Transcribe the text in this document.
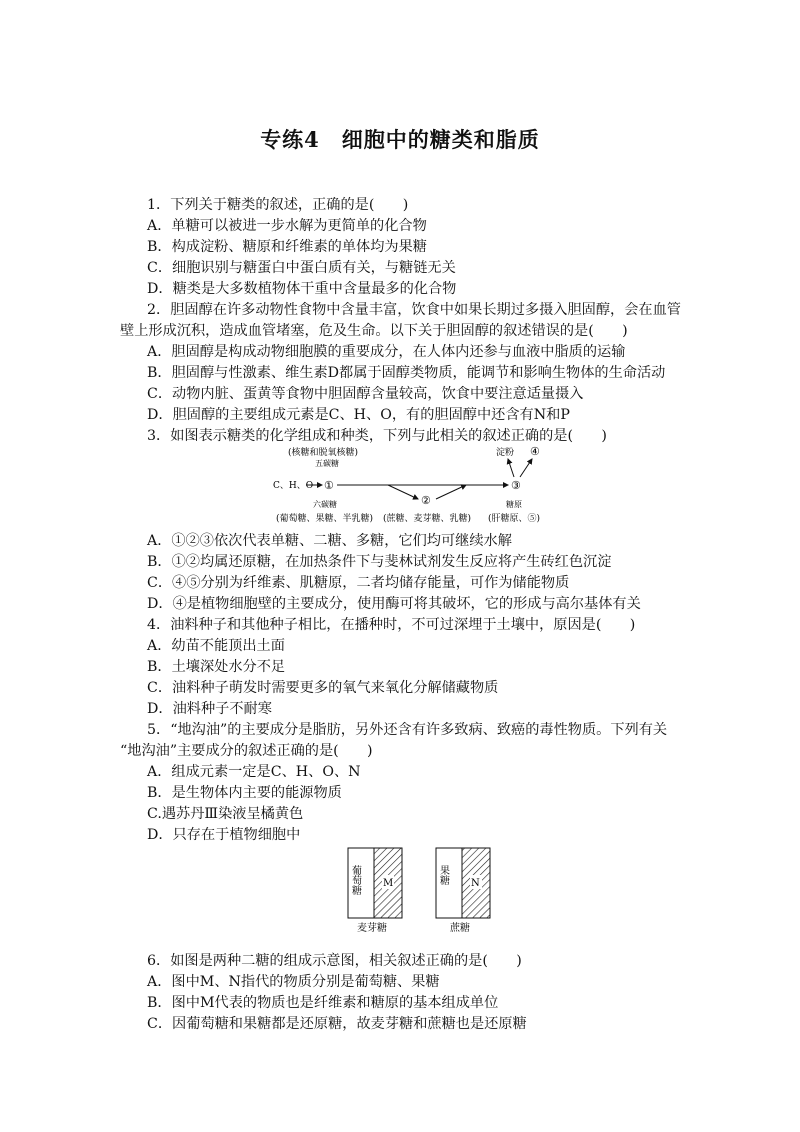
专练4　细胞中的糖类和脂质
1．下列关于糖类的叙述，正确的是(　　)
A．单糖可以被进一步水解为更简单的化合物
B．构成淀粉、糖原和纤维素的单体均为果糖
C．细胞识别与糖蛋白中蛋白质有关，与糖链无关
D．糖类是大多数植物体干重中含量最多的化合物
2．胆固醇在许多动物性食物中含量丰富，饮食中如果长期过多摄入胆固醇，会在血管
壁上形成沉积，造成血管堵塞，危及生命。以下关于胆固醇的叙述错误的是(　　)
A．胆固醇是构成动物细胞膜的重要成分，在人体内还参与血液中脂质的运输
B．胆固醇与性激素、维生素D都属于固醇类物质，能调节和影响生物体的生命活动
C．动物内脏、蛋黄等食物中胆固醇含量较高，饮食中要注意适量摄入
D．胆固醇的主要组成元素是C、H、O，有的胆固醇中还含有N和P
3．如图表示糖类的化学组成和种类，下列与此相关的叙述正确的是(　　)
(核糖和脱氧核糖)
五碳糖
C、H、O ①
②
③
淀粉 ④
六碳糖
(葡萄糖、果糖、半乳糖) (蔗糖、麦芽糖、乳糖)
糖原
(肝糖原、⑤)
A．①②③依次代表单糖、二糖、多糖，它们均可继续水解
B．①②均属还原糖，在加热条件下与斐林试剂发生反应将产生砖红色沉淀
C．④⑤分别为纤维素、肌糖原，二者均储存能量，可作为储能物质
D．④是植物细胞壁的主要成分，使用酶可将其破坏，它的形成与高尔基体有关
4．油料种子和其他种子相比，在播种时，不可过深埋于土壤中，原因是(　　)
A．幼苗不能顶出土面
B．土壤深处水分不足
C．油料种子萌发时需要更多的氧气来氧化分解储藏物质
D．油料种子不耐寒
5．“地沟油”的主要成分是脂肪，另外还含有许多致病、致癌的毒性物质。下列有关
“地沟油”主要成分的叙述正确的是(　　)
A．组成元素一定是C、H、O、N
B．是生物体内主要的能源物质
C.遇苏丹Ⅲ染液呈橘黄色
D．只存在于植物细胞中
M
葡萄糖
麦芽糖
N
果糖
蔗糖
6．如图是两种二糖的组成示意图，相关叙述正确的是(　　)
A．图中M、N指代的物质分别是葡萄糖、果糖
B．图中M代表的物质也是纤维素和糖原的基本组成单位
C．因葡萄糖和果糖都是还原糖，故麦芽糖和蔗糖也是还原糖
